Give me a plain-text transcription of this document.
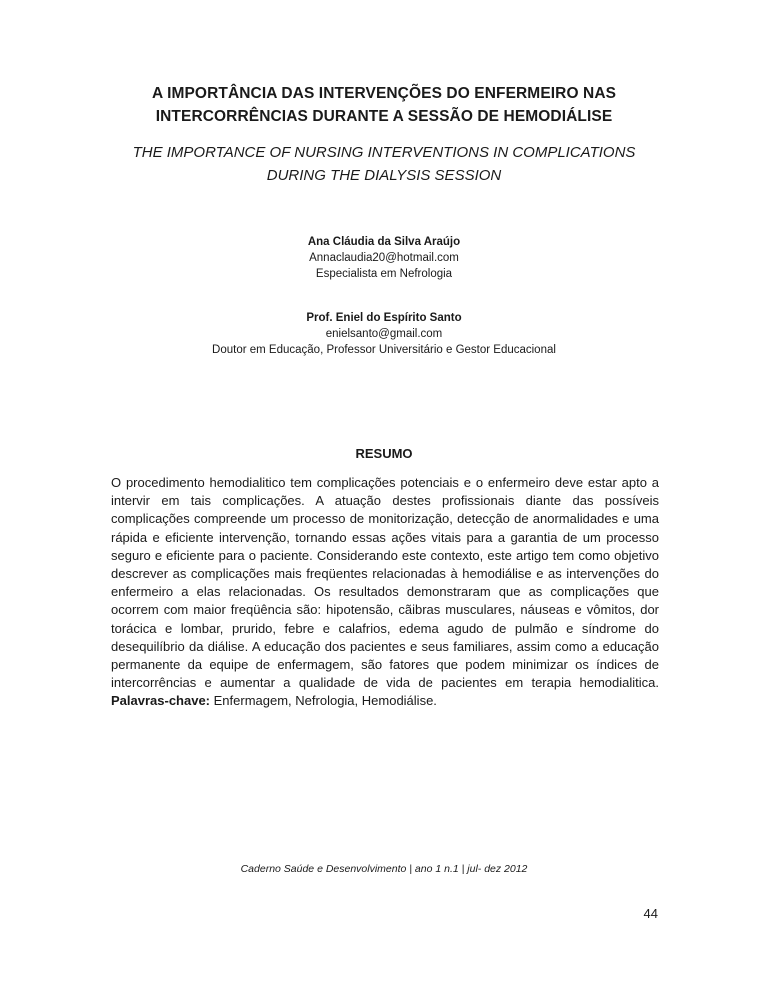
A IMPORTÂNCIA DAS INTERVENÇÕES DO ENFERMEIRO NAS
INTERCORRÊNCIAS DURANTE A SESSÃO DE HEMODIÁLISE
THE IMPORTANCE OF NURSING INTERVENTIONS IN COMPLICATIONS
DURING THE DIALYSIS SESSION
Ana Cláudia da Silva Araújo
Annaclaudia20@hotmail.com
Especialista em Nefrologia
Prof. Eniel do Espírito Santo
enielsanto@gmail.com
Doutor em Educação, Professor Universitário e Gestor Educacional
RESUMO
O procedimento hemodialitico tem complicações potenciais e o enfermeiro deve estar apto a intervir em tais complicações. A atuação destes profissionais diante das possíveis complicações compreende um processo de monitorização, detecção de anormalidades e uma rápida e eficiente intervenção, tornando essas ações vitais para a garantia de um processo seguro e eficiente para o paciente. Considerando este contexto, este artigo tem como objetivo descrever as complicações mais freqüentes relacionadas à hemodiálise e as intervenções do enfermeiro a elas relacionadas. Os resultados demonstraram que as complicações que ocorrem com maior freqüência são: hipotensão, cãibras musculares, náuseas e vômitos, dor torácica e lombar, prurido, febre e calafrios, edema agudo de pulmão e síndrome do desequilíbrio da diálise. A educação dos pacientes e seus familiares, assim como a educação permanente da equipe de enfermagem, são fatores que podem minimizar os índices de intercorrências e aumentar a qualidade de vida de pacientes em terapia hemodialitica. Palavras-chave: Enfermagem, Nefrologia, Hemodiálise.
Caderno Saúde e Desenvolvimento | ano 1 n.1 | jul- dez 2012
44
